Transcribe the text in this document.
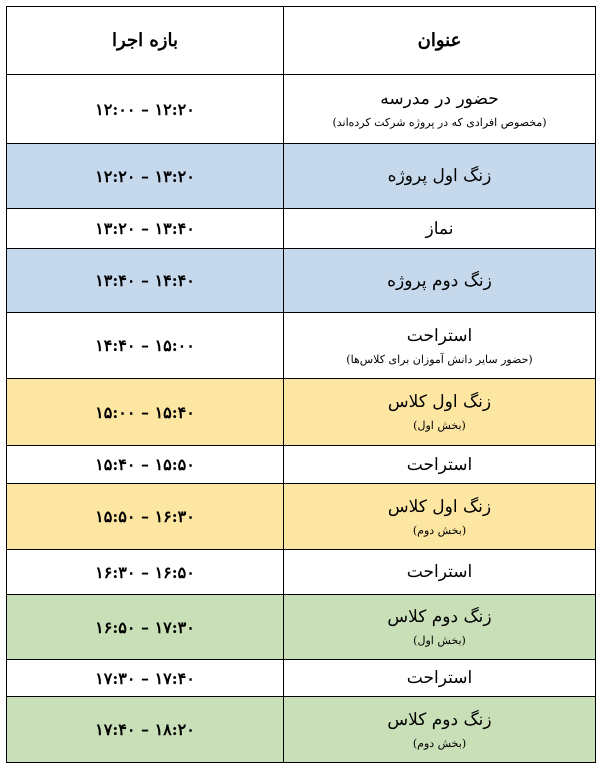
عنوان	بازه اجرا

حضور در مدرسه
(مخصوص افرادی که در پروژه شرکت کرده‌اند)	۱۲:۰۰ – ۱۲:۲۰

زنگ اول پروژه	۱۲:۲۰ – ۱۳:۲۰

نماز	۱۳:۲۰ – ۱۳:۴۰

زنگ دوم پروژه	۱۳:۴۰ – ۱۴:۴۰

استراحت
(حضور سایر دانش آموزان برای کلاس‌ها)	۱۴:۴۰ – ۱۵:۰۰

زنگ اول کلاس
(بخش اول)	۱۵:۰۰ – ۱۵:۴۰

استراحت	۱۵:۴۰ – ۱۵:۵۰

زنگ اول کلاس
(بخش دوم)	۱۵:۵۰ – ۱۶:۳۰

استراحت	۱۶:۳۰ – ۱۶:۵۰

زنگ دوم کلاس
(بخش اول)	۱۶:۵۰ – ۱۷:۳۰

استراحت	۱۷:۳۰ – ۱۷:۴۰

زنگ دوم کلاس
(بخش دوم)	۱۷:۴۰ – ۱۸:۲۰
